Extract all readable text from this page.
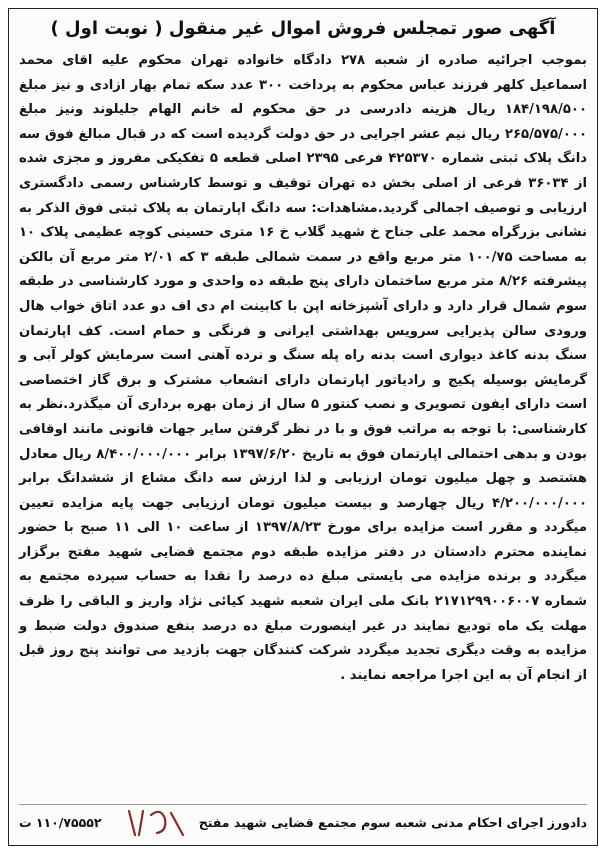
آگهی صور تمجلس فروش اموال غیر منقول ( نوبت اول )
بموجب اجرائیه صادره از شعبه ۲۷۸ دادگاه خانواده تهران محکوم علیه اقای محمد اسماعیل کلهر فرزند عباس محکوم به پرداخت ۳۰۰ عدد سکه تمام بهار ازادی و نیز مبلغ ۱۸۴/۱۹۸/۵۰۰ ریال هزینه دادرسی در حق محکوم له خانم الهام جلیلوند ونیز مبلغ ۲۶۵/۵۷۵/۰۰۰ ریال نیم عشر اجرایی در حق دولت گردیده است که در قبال مبالغ فوق سه دانگ پلاک ثبتی شماره ۴۲۵۳۷۰ فرعی ۲۳۹۵ اصلی قطعه ۵ تفکیکی مفروز و مجزی شده از ۳۶۰۳۴ فرعی از اصلی بخش ده تهران توقیف و توسط کارشناس رسمی دادگستری ارزیابی و توصیف اجمالی گردید.مشاهدات: سه دانگ اپارتمان به پلاک ثبتی فوق الذکر به نشانی بزرگراه محمد علی جناح خ شهید گلاب خ ۱۶ متری حسینی کوچه عظیمی پلاک ۱۰ به مساحت ۱۰۰/۷۵ متر مربع واقع در سمت شمالی طبقه ۳ که ۲/۰۱ متر مربع آن بالکن پیشرفته ۸/۲۶ متر مربع ساختمان دارای پنج طبقه ده واحدی و مورد کارشناسی در طبقه سوم شمال قرار دارد و دارای آشپزخانه اپن با کابینت ام دی اف دو عدد اتاق خواب هال ورودی سالن پذیرایی سرویس بهداشتی ایرانی و فرنگی و حمام است. کف اپارتمان سنگ بدنه کاغذ دیواری است بدنه راه پله سنگ و نرده آهنی است سرمایش کولر آبی و گرمایش بوسیله پکیج و رادیاتور اپارتمان دارای انشعاب مشترک و برق گاز اختصاصی است دارای ایفون تصویری و نصب کنتور ۵ سال از زمان بهره برداری آن میگذرد.نظر به کارشناسی: با توجه به مراتب فوق و با در نظر گرفتن سایر جهات قانونی مانند اوقافی بودن و بدهی احتمالی اپارتمان فوق به تاریخ ۱۳۹۷/۶/۲۰ برابر ۸/۴۰۰/۰۰۰/۰۰۰ ریال معادل هشتصد و چهل میلیون تومان ارزیابی و لذا ارزش سه دانگ مشاع از ششدانگ برابر ۴/۲۰۰/۰۰۰/۰۰۰ ریال چهارصد و بیست میلیون تومان ارزیابی جهت پایه مزایده تعیین میگردد و مقرر است مزایده برای مورخ ۱۳۹۷/۸/۲۳ از ساعت ۱۰ الی ۱۱ صبح با حضور نماینده محترم دادستان در دفتر مزایده طبقه دوم مجتمع قضایی شهید مفتح برگزار میگردد و برنده مزایده می بایستی مبلغ ده درصد را نقدا به حساب سپرده مجتمع به شماره ۲۱۷۱۲۹۹۰۰۶۰۰۷ بانک ملی ایران شعبه شهید کیائی نژاد واریز و الباقی را ظرف مهلت یک ماه تودیع نمایند در غیر اینصورت مبلغ ده درصد بنفع صندوق دولت ضبط و مزایده به وقت دیگری تجدید میگردد شرکت کنندگان جهت بازدید می توانند پنج روز قبل از انجام آن به این اجرا مراجعه نمایند .
دادورز اجرای احکام مدنی شعبه سوم مجتمع قضایی شهید مفتح
۱۱۰/۷۵۵۵۲ ت
